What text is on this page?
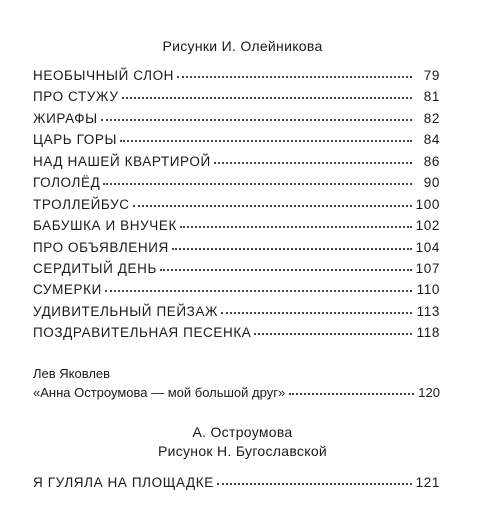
Рисунки И. Олейникова
НЕОБЫЧНЫЙ СЛОН	79
ПРО СТУЖУ	81
ЖИРАФЫ	82
ЦАРЬ ГОРЫ	84
НАД НАШЕЙ КВАРТИРОЙ	86
ГОЛОЛЁД	90
ТРОЛЛЕЙБУС	100
БАБУШКА И ВНУЧЕК	102
ПРО ОБЪЯВЛЕНИЯ	104
СЕРДИТЫЙ ДЕНЬ	107
СУМЕРКИ	110
УДИВИТЕЛЬНЫЙ ПЕЙЗАЖ	113
ПОЗДРАВИТЕЛЬНАЯ ПЕСЕНКА	118
Лев Яковлев
«Анна Остроумова — мой большой друг»	120
А. Остроумова
Рисунок Н. Бугославской
Я ГУЛЯЛА НА ПЛОЩАДКЕ	121
